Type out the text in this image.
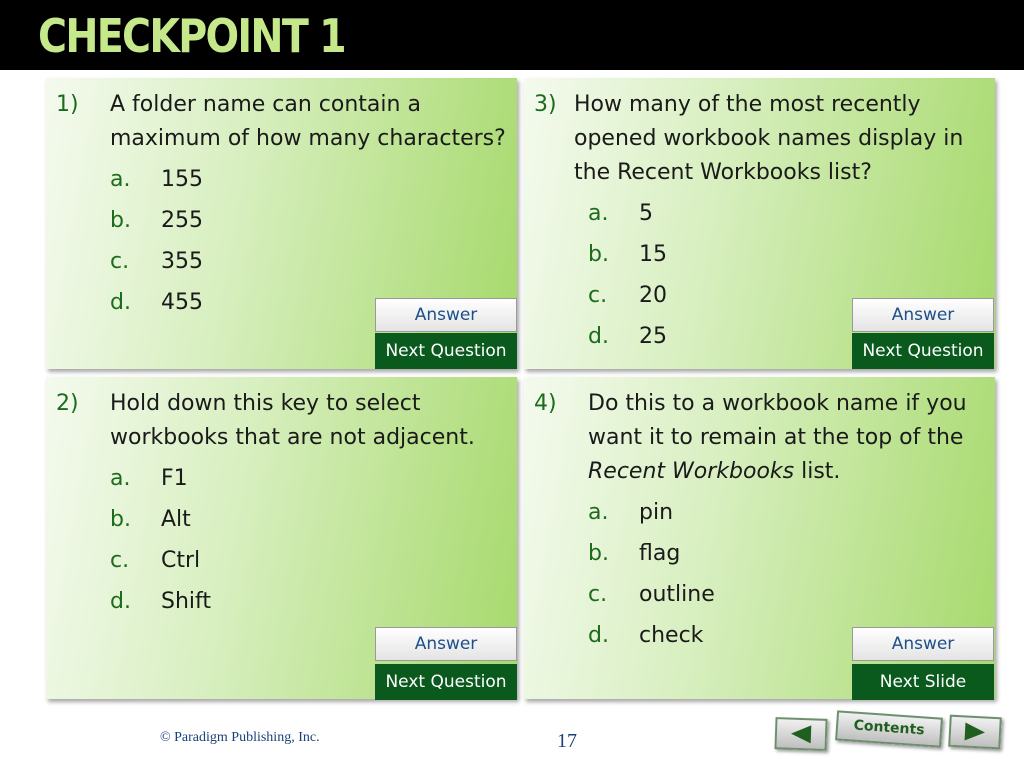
CHECKPOINT 1
1)	A folder name can contain a maximum of how many characters?
a.	155
b.	255
c.	355
d.	455	Answer
Next Question
3) How many of the most recently opened workbook names display in the Recent Workbooks list?
a.	5
b.	15
c.	20
d.	25
Answer
Next Question
2)	Hold down this key to select workbooks that are not adjacent.
a.	F1
b.	Alt
c.	Ctrl
d.	Shift
Answer
Next Question
4)	Do this to a workbook name if you want it to remain at the top of the Recent Workbooks list.
a.	pin
b.	flag
c.	outline
d.	check	Answer
Next Slide
© Paradigm Publishing, Inc.	17
Contents
